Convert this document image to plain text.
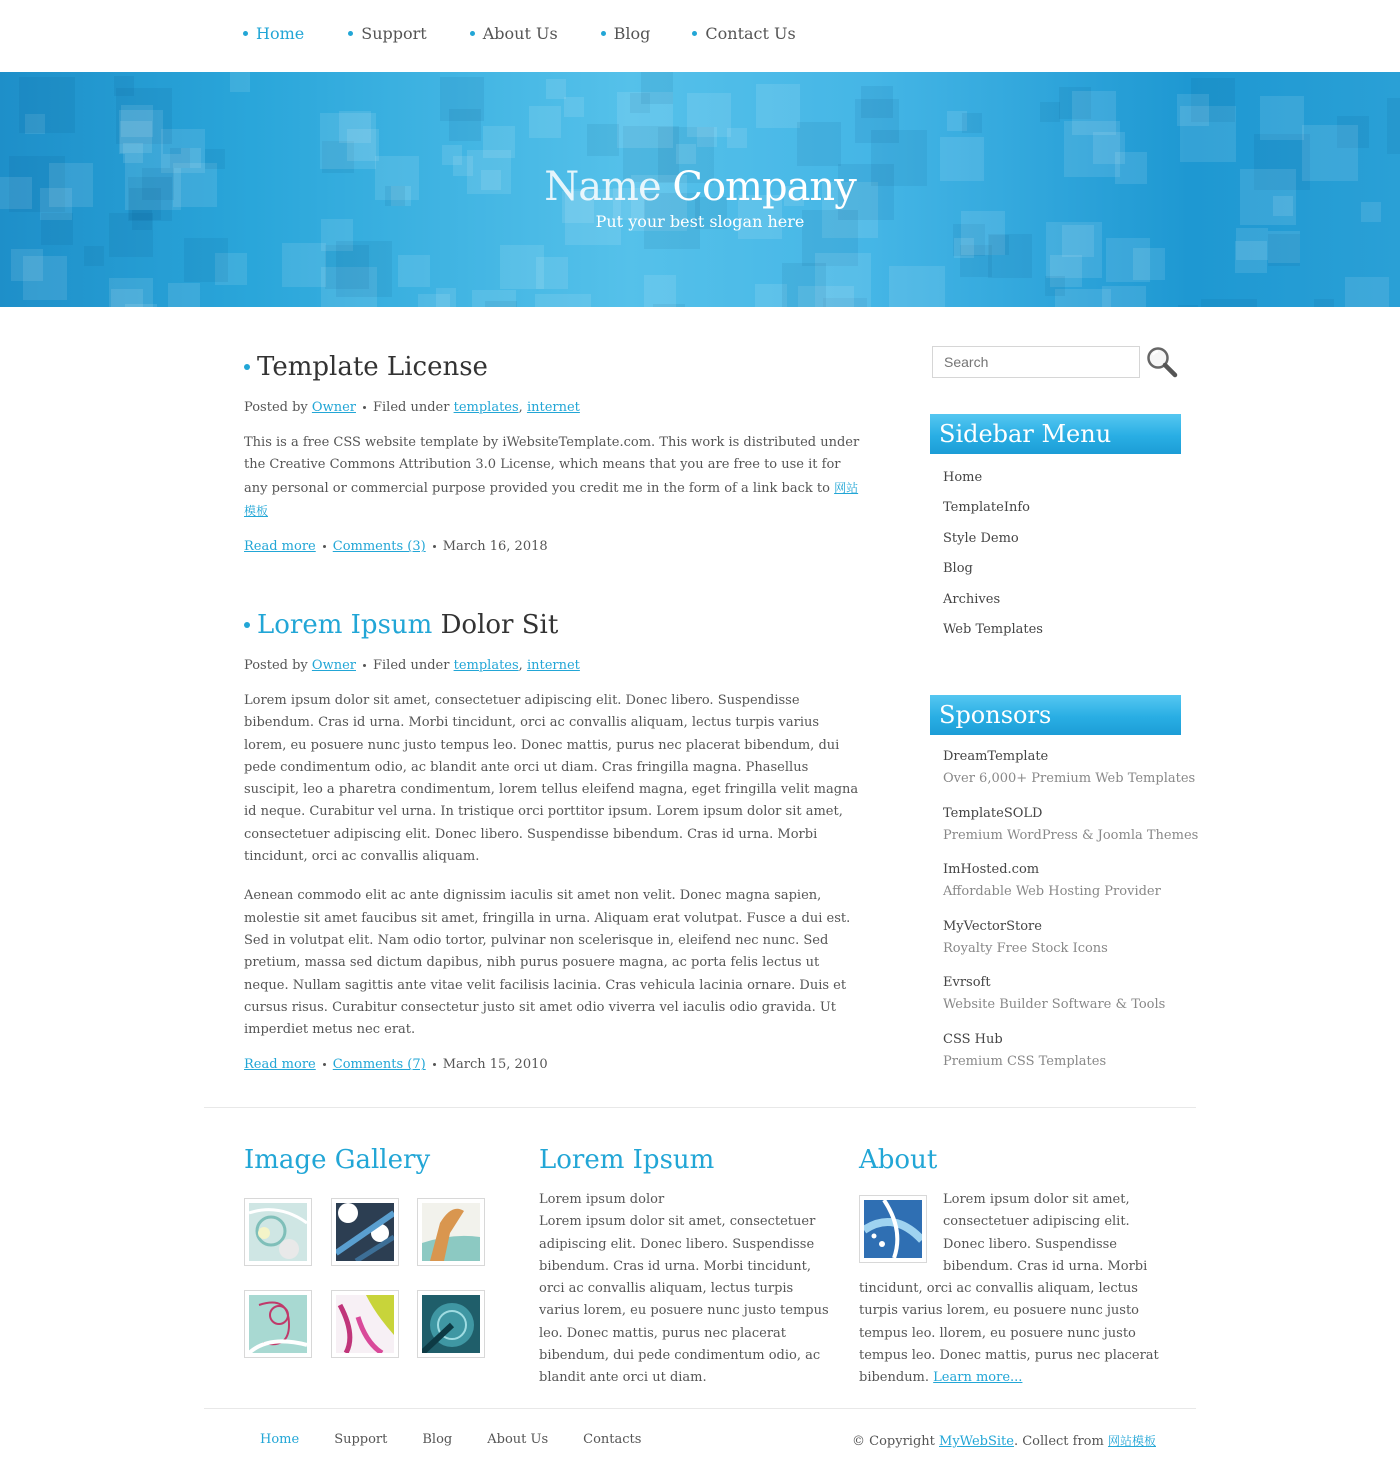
Home	Support	About Us	Blog	Contact Us
Name Company
Put your best slogan here
Template License
Posted by Owner Filed under templates, internet

This is a free CSS website template by iWebsiteTemplate.com. This work is distributed under the Creative Commons Attribution 3.0 License, which means that you are free to use it for any personal or commercial purpose provided you credit me in the form of a link back to 网站模板

Read more Comments (3) March 16, 2018
Lorem Ipsum Dolor Sit
Posted by Owner Filed under templates, internet

Lorem ipsum dolor sit amet, consectetuer adipiscing elit. Donec libero. Suspendisse bibendum. Cras id urna. Morbi tincidunt, orci ac convallis aliquam, lectus turpis varius lorem, eu posuere nunc justo tempus leo. Donec mattis, purus nec placerat bibendum, dui pede condimentum odio, ac blandit ante orci ut diam. Cras fringilla magna. Phasellus suscipit, leo a pharetra condimentum, lorem tellus eleifend magna, eget fringilla velit magna id neque. Curabitur vel urna. In tristique orci porttitor ipsum. Lorem ipsum dolor sit amet, consectetuer adipiscing elit. Donec libero. Suspendisse bibendum. Cras id urna. Morbi tincidunt, orci ac convallis aliquam.

Aenean commodo elit ac ante dignissim iaculis sit amet non velit. Donec magna sapien, molestie sit amet faucibus sit amet, fringilla in urna. Aliquam erat volutpat. Fusce a dui est. Sed in volutpat elit. Nam odio tortor, pulvinar non scelerisque in, eleifend nec nunc. Sed pretium, massa sed dictum dapibus, nibh purus posuere magna, ac porta felis lectus ut neque. Nullam sagittis ante vitae velit facilisis lacinia. Cras vehicula lacinia ornare. Duis et cursus risus. Curabitur consectetur justo sit amet odio viverra vel iaculis odio gravida. Ut imperdiet metus nec erat.

Read more Comments (7) March 15, 2010
Search
Sidebar Menu
Home
TemplateInfo
Style Demo
Blog
Archives
Web Templates
Sponsors
DreamTemplate
Over 6,000+ Premium Web Templates
TemplateSOLD
Premium WordPress & Joomla Themes
ImHosted.com
Affordable Web Hosting Provider
MyVectorStore
Royalty Free Stock Icons
Evrsoft
Website Builder Software & Tools
CSS Hub
Premium CSS Templates
Image Gallery	Lorem Ipsum
Lorem ipsum dolor
Lorem ipsum dolor sit amet, consectetuer adipiscing elit. Donec libero. Suspendisse bibendum. Cras id urna. Morbi tincidunt, orci ac convallis aliquam, lectus turpis varius lorem, eu posuere nunc justo tempus leo. Donec mattis, purus nec placerat bibendum, dui pede condimentum odio, ac blandit ante orci ut diam.
About
Lorem ipsum dolor sit amet, consectetuer adipiscing elit. Donec libero. Suspendisse bibendum. Cras id urna. Morbi tincidunt, orci ac convallis aliquam, lectus turpis varius lorem, eu posuere nunc justo tempus leo. llorem, eu posuere nunc justo tempus leo. Donec mattis, purus nec placerat bibendum. Learn more...
Home	Support	Blog	About Us	Contacts	© Copyright MyWebSite. Collect from 网站模板
